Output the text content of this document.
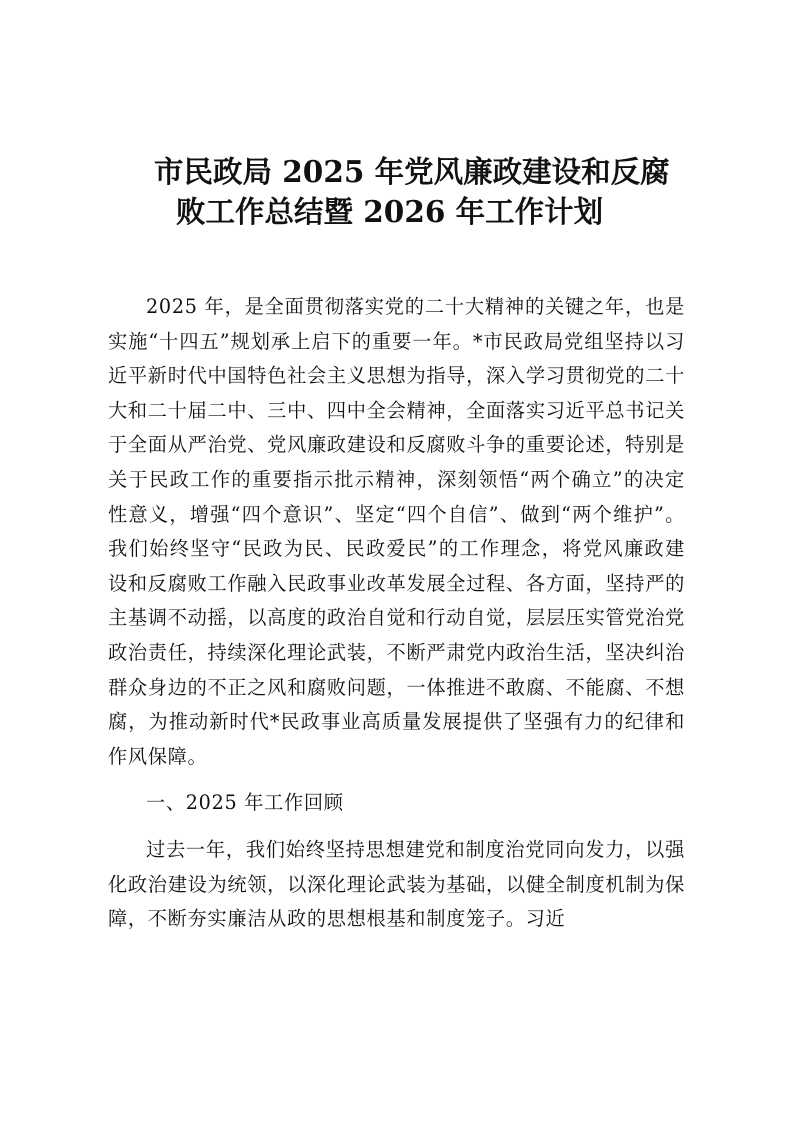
市民政局 2025 年党风廉政建设和反腐
败工作总结暨 2026 年工作计划

2025 年，是全面贯彻落实党的二十大精神的关键之年，也是实施“十四五”规划承上启下的重要一年。*市民政局党组坚持以习近平新时代中国特色社会主义思想为指导，深入学习贯彻党的二十大和二十届二中、三中、四中全会精神，全面落实习近平总书记关于全面从严治党、党风廉政建设和反腐败斗争的重要论述，特别是关于民政工作的重要指示批示精神，深刻领悟“两个确立”的决定性意义，增强“四个意识”、坚定“四个自信”、做到“两个维护”。我们始终坚守“民政为民、民政爱民”的工作理念，将党风廉政建设和反腐败工作融入民政事业改革发展全过程、各方面，坚持严的主基调不动摇，以高度的政治自觉和行动自觉，层层压实管党治党政治责任，持续深化理论武装，不断严肃党内政治生活，坚决纠治群众身边的不正之风和腐败问题，一体推进不敢腐、不能腐、不想腐，为推动新时代*民政事业高质量发展提供了坚强有力的纪律和作风保障。

一、2025 年工作回顾

过去一年，我们始终坚持思想建党和制度治党同向发力，以强化政治建设为统领，以深化理论武装为基础，以健全制度机制为保障，不断夯实廉洁从政的思想根基和制度笼子。习近
